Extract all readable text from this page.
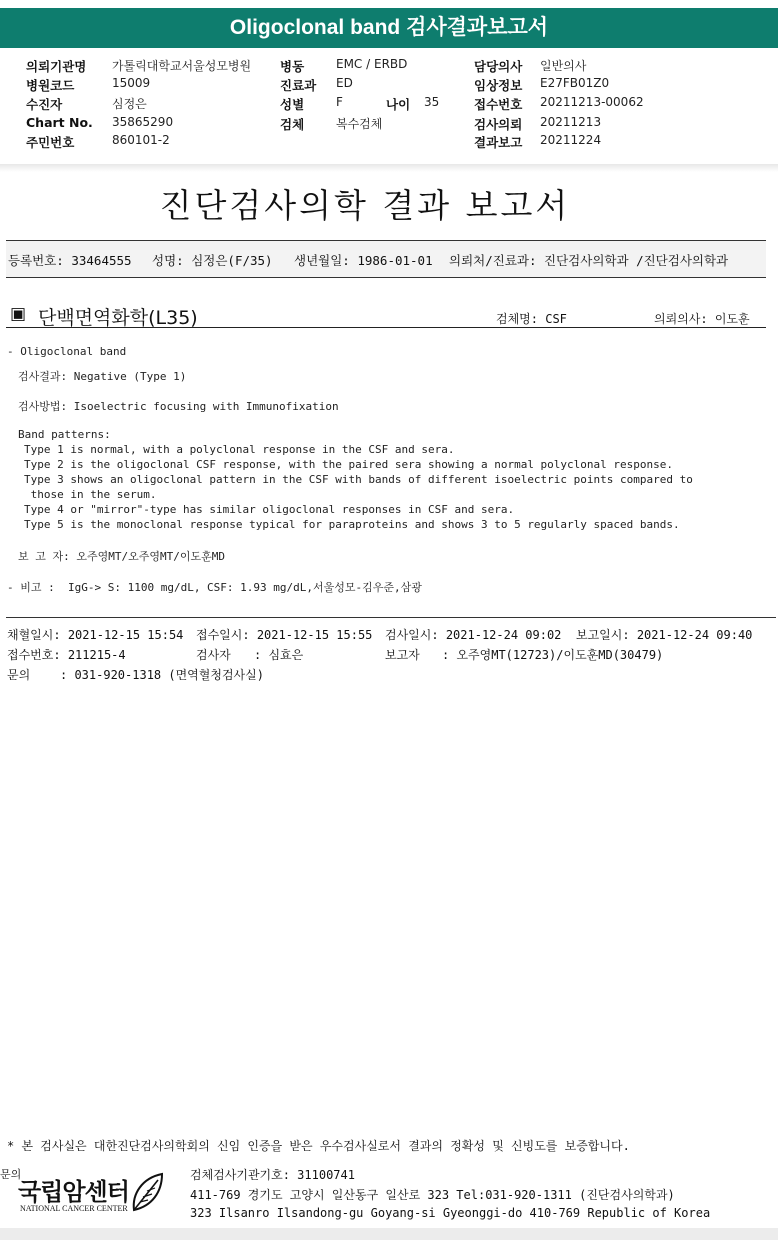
Oligoclonal band 검사결과보고서
의뢰기관명 가톨릭대학교서울성모병원
병원코드	15009
수진자	심정은
Chart No. 35865290
주민번호	860101-2
병동	EMC / ERBD
진료과 ED
성별	F	나이 35
검체	복수검체
담당의사 일반의사
임상정보 E27FB01Z0
접수번호 20211213-00062
검사의뢰 20211213
결과보고 20211224
진단검사의학 결과 보고서
등록번호: 33464555 성명: 심정은(F/35) 생년월일: 1986-01-01 의뢰처/진료과: 진단검사의학과 /진단검사의학과
▣ 단백면역화학(L35)	검체명: CSF	의뢰의사: 이도훈
- Oligoclonal band
검사결과: Negative (Type 1)
검사방법: Isoelectric focusing with Immunofixation
Band patterns:
Type 1 is normal, with a polyclonal response in the CSF and sera.
Type 2 is the oligoclonal CSF response, with the paired sera showing a normal polyclonal response.
Type 3 shows an oligoclonal pattern in the CSF with bands of different isoelectric points compared to
those in the serum.
Type 4 or "mirror"-type has similar oligoclonal responses in CSF and sera.
Type 5 is the monoclonal response typical for paraproteins and shows 3 to 5 regularly spaced bands.
보 고 자: 오주영MT/오주영MT/이도훈MD
- 비고 :  IgG-> S: 1100 mg/dL, CSF: 1.93 mg/dL,서울성모-김우준,삼광
채혈일시: 2021-12-15 15:54 접수일시: 2021-12-15 15:55 검사일시: 2021-12-24 09:02 보고일시: 2021-12-24 09:40
접수번호: 211215-4	검사자 : 심효은	보고자 : 오주영MT(12723)/이도훈MD(30479)
문의 : 031-920-1318 (면역혈청검사실)
* 본 검사실은 대한진단검사의학회의 신임 인증을 받은 우수검사실로서 결과의 정확성 및 신빙도를 보증합니다.
문의
국립암센터
NATIONAL CANCER CENTER
검체검사기관기호: 31100741
411-769 경기도 고양시 일산동구 일산로 323 Tel:031-920-1311 (진단검사의학과)
323 Ilsanro Ilsandong-gu Goyang-si Gyeonggi-do 410-769 Republic of Korea
